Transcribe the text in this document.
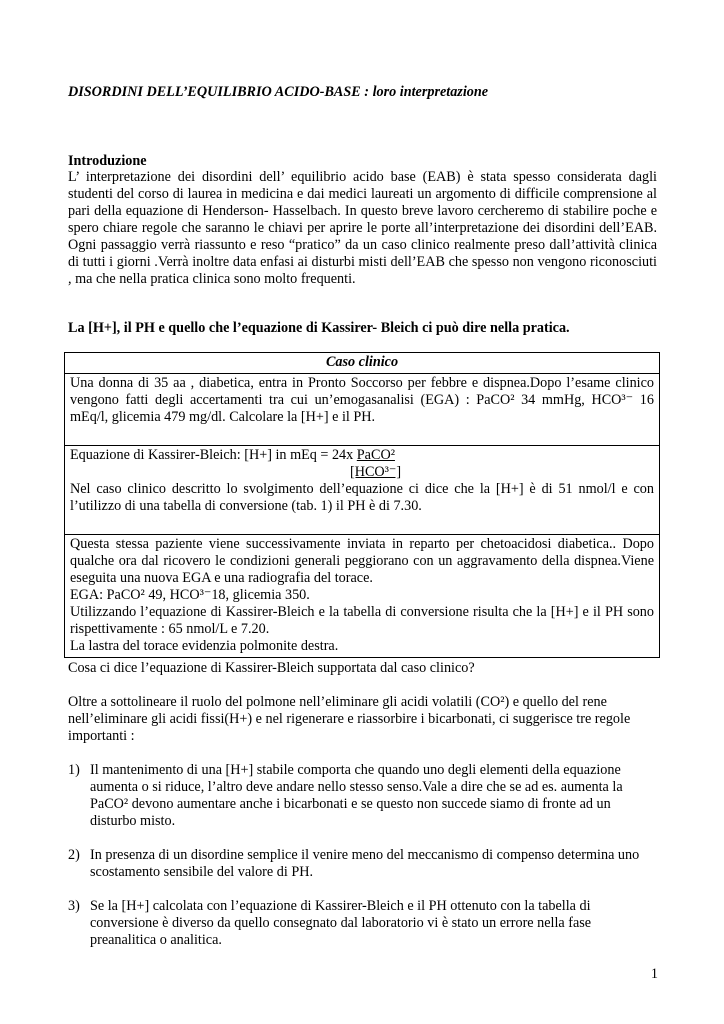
DISORDINI DELL’EQUILIBRIO ACIDO-BASE : loro interpretazione
Introduzione
L’ interpretazione dei disordini dell’ equilibrio acido base (EAB) è stata spesso considerata dagli studenti del corso di laurea in medicina e dai medici laureati un argomento di difficile comprensione al pari della equazione di Henderson- Hasselbach. In questo breve lavoro cercheremo di stabilire poche e spero chiare regole che saranno le chiavi per aprire le porte all’interpretazione dei disordini dell’EAB. Ogni passaggio verrà riassunto e reso “pratico” da un caso clinico realmente preso dall’attività clinica di tutti i giorni .Verrà inoltre data enfasi ai disturbi misti dell’EAB che spesso non vengono riconosciuti , ma che nella pratica clinica sono molto frequenti.
La [H+], il PH e quello che l’equazione di Kassirer- Bleich ci può dire nella pratica.
Caso clinico
Una donna di 35 aa , diabetica, entra in Pronto Soccorso per febbre e dispnea.Dopo l’esame clinico vengono fatti degli accertamenti tra cui un’emogasanalisi (EGA) : PaCO² 34 mmHg, HCO³⁻ 16 mEq/l, glicemia 479 mg/dl. Calcolare la [H+] e il PH.

Equazione di Kassirer-Bleich: [H+] in mEq = 24x PaCO²
[HCO³⁻]
Nel caso clinico descritto lo svolgimento dell’equazione ci dice che la [H+] è di 51 nmol/l e con l’utilizzo di una tabella di conversione (tab. 1) il PH è di 7.30.

Questa stessa paziente viene successivamente inviata in reparto per chetoacidosi diabetica.. Dopo qualche ora dal ricovero le condizioni generali peggiorano con un aggravamento della dispnea.Viene eseguita una nuova EGA e una radiografia del torace.
EGA: PaCO² 49, HCO³⁻18, glicemia 350.
Utilizzando l’equazione di Kassirer-Bleich e la tabella di conversione risulta che la [H+] e il PH sono rispettivamente : 65 nmol/L e 7.20.
La lastra del torace evidenzia polmonite destra.
Cosa ci dice l’equazione di Kassirer-Bleich supportata dal caso clinico?
Oltre a sottolineare il ruolo del polmone nell’eliminare gli acidi volatili (CO²) e quello del rene nell’eliminare gli acidi fissi(H+) e nel rigenerare e riassorbire i bicarbonati, ci suggerisce tre regole importanti :
1) Il mantenimento di una [H+] stabile comporta che quando uno degli elementi della equazione aumenta o si riduce, l’altro deve andare nello stesso senso.Vale a dire che se ad es. aumenta la PaCO² devono aumentare anche i bicarbonati e se questo non succede siamo di fronte ad un disturbo misto.
2) In presenza di un disordine semplice il venire meno del meccanismo di compenso determina uno scostamento sensibile del valore di PH.
3) Se la [H+] calcolata con l’equazione di Kassirer-Bleich e il PH ottenuto con la tabella di conversione è diverso da quello consegnato dal laboratorio vi è stato un errore nella fase preanalitica o analitica.
1
